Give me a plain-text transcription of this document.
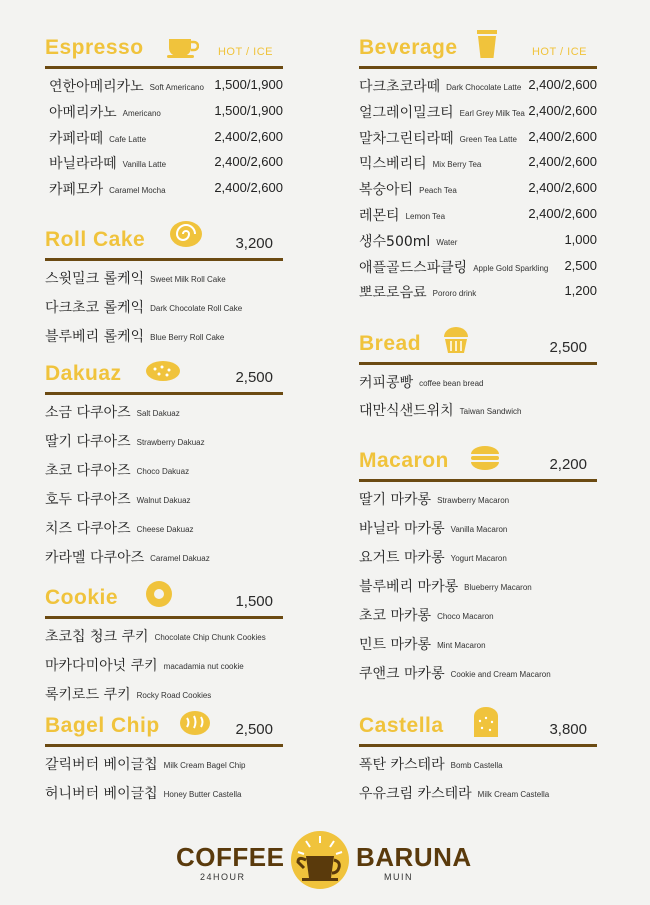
Espresso	HOT / ICE
연한아메리카노 Soft Americano 1,500/1,900
아메리카노 Americano	1,500/1,900
카페라떼 Cafe Latte	2,400/2,600
바닐라라떼 Vanilla Latte	2,400/2,600
카페모카 Caramel Mocha	2,400/2,600
Roll Cake	3,200
스윗밀크 롤케익 Sweet Milk Roll Cake
다크초코 롤케익 Dark Chocolate Roll Cake
블루베리 롤케익 Blue Berry Roll Cake
Dakuaz	2,500
소금 다쿠아즈 Salt Dakuaz
딸기 다쿠아즈 Strawberry Dakuaz
초코 다쿠아즈 Choco Dakuaz
호두 다쿠아즈 Walnut Dakuaz
치즈 다쿠아즈 Cheese Dakuaz
카라멜 다쿠아즈 Caramel Dakuaz
Cookie	1,500
초코칩 청크 쿠키 Chocolate Chip Chunk Cookies
마카다미아넛 쿠키 macadamia nut cookie
록키로드 쿠키 Rocky Road Cookies
Bagel Chip	2,500
갈릭버터 베이글칩 Milk Cream Bagel Chip
허니버터 베이글칩 Honey Butter Castella
Beverage	HOT / ICE
다크초코라떼 Dark Chocolate Latte 2,400/2,600
얼그레이밀크티 Earl Grey Milk Tea 2,400/2,600
말차그린티라떼 Green Tea Latte 2,400/2,600
믹스베리티 Mix Berry Tea	2,400/2,600
복숭아티 Peach Tea	2,400/2,600
레몬티 Lemon Tea	2,400/2,600
생수500ml Water	1,000
애플골드스파클링 Apple Gold Sparkling 2,500
뽀로로음료 Pororo drink	1,200
Bread	2,500
커피콩빵 coffee bean bread
대만식샌드위치 Taiwan Sandwich
Macaron	2,200
딸기 마카롱 Strawberry Macaron
바닐라 마카롱 Vanilla Macaron
요거트 마카롱 Yogurt Macaron
블루베리 마카롱 Blueberry Macaron
초코 마카롱 Choco Macaron
민트 마카롱 Mint Macaron
쿠앤크 마카롱 Cookie and Cream Macaron
Castella	3,800
폭탄 카스테라 Bomb Castella
우유크림 카스테라 Milk Cream Castella
COFFEE
24HOUR
BARUNA
MUIN
